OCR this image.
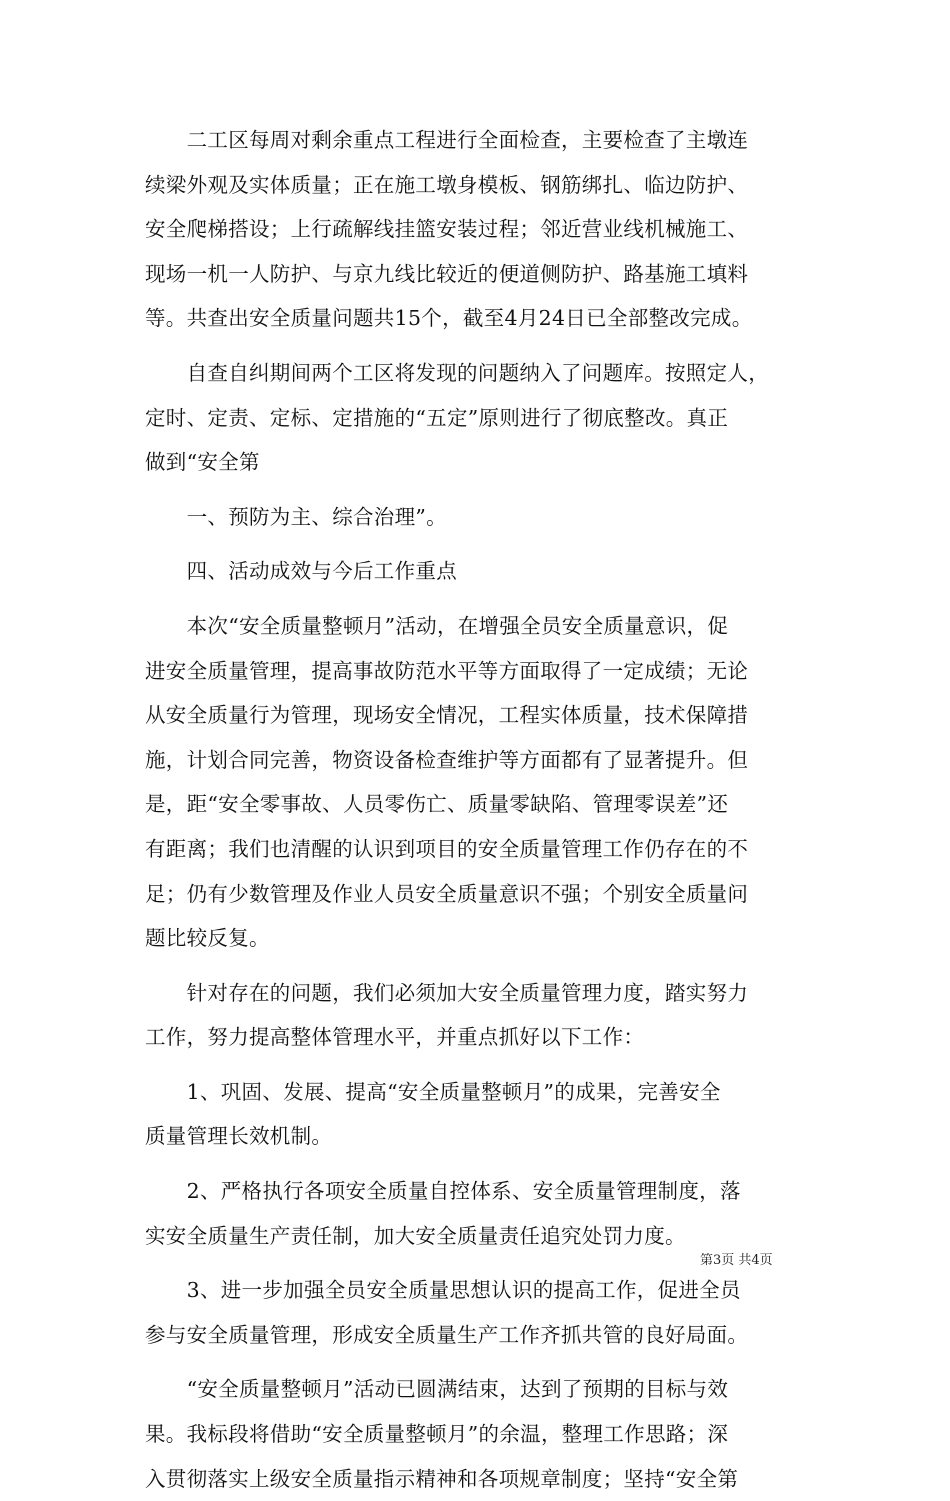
　　二工区每周对剩余重点工程进行全面检查，主要检查了主墩连
续梁外观及实体质量；正在施工墩身模板、钢筋绑扎、临边防护、
安全爬梯搭设；上行疏解线挂篮安装过程；邻近营业线机械施工、
现场一机一人防护、与京九线比较近的便道侧防护、路基施工填料
等。共查出安全质量问题共15个，截至4月24日已全部整改完成。

　　自查自纠期间两个工区将发现的问题纳入了问题库。按照定人，
定时、定责、定标、定措施的“五定”原则进行了彻底整改。真正
做到“安全第

　　一、预防为主、综合治理”。

　　四、活动成效与今后工作重点

　　本次“安全质量整顿月”活动，在增强全员安全质量意识，促
进安全质量管理，提高事故防范水平等方面取得了一定成绩；无论
从安全质量行为管理，现场安全情况，工程实体质量，技术保障措
施，计划合同完善，物资设备检查维护等方面都有了显著提升。但
是，距“安全零事故、人员零伤亡、质量零缺陷、管理零误差”还
有距离；我们也清醒的认识到项目的安全质量管理工作仍存在的不
足；仍有少数管理及作业人员安全质量意识不强；个别安全质量问
题比较反复。

　　针对存在的问题，我们必须加大安全质量管理力度，踏实努力
工作，努力提高整体管理水平，并重点抓好以下工作：

　　1、巩固、发展、提高“安全质量整顿月”的成果，完善安全
质量管理长效机制。

　　2、严格执行各项安全质量自控体系、安全质量管理制度，落
实安全质量生产责任制，加大安全质量责任追究处罚力度。

　　3、进一步加强全员安全质量思想认识的提高工作，促进全员
参与安全质量管理，形成安全质量生产工作齐抓共管的良好局面。

　　“安全质量整顿月”活动已圆满结束，达到了预期的目标与效
果。我标段将借助“安全质量整顿月”的余温，整理工作思路；深
入贯彻落实上级安全质量指示精神和各项规章制度；坚持“安全第

第3页 共4页
